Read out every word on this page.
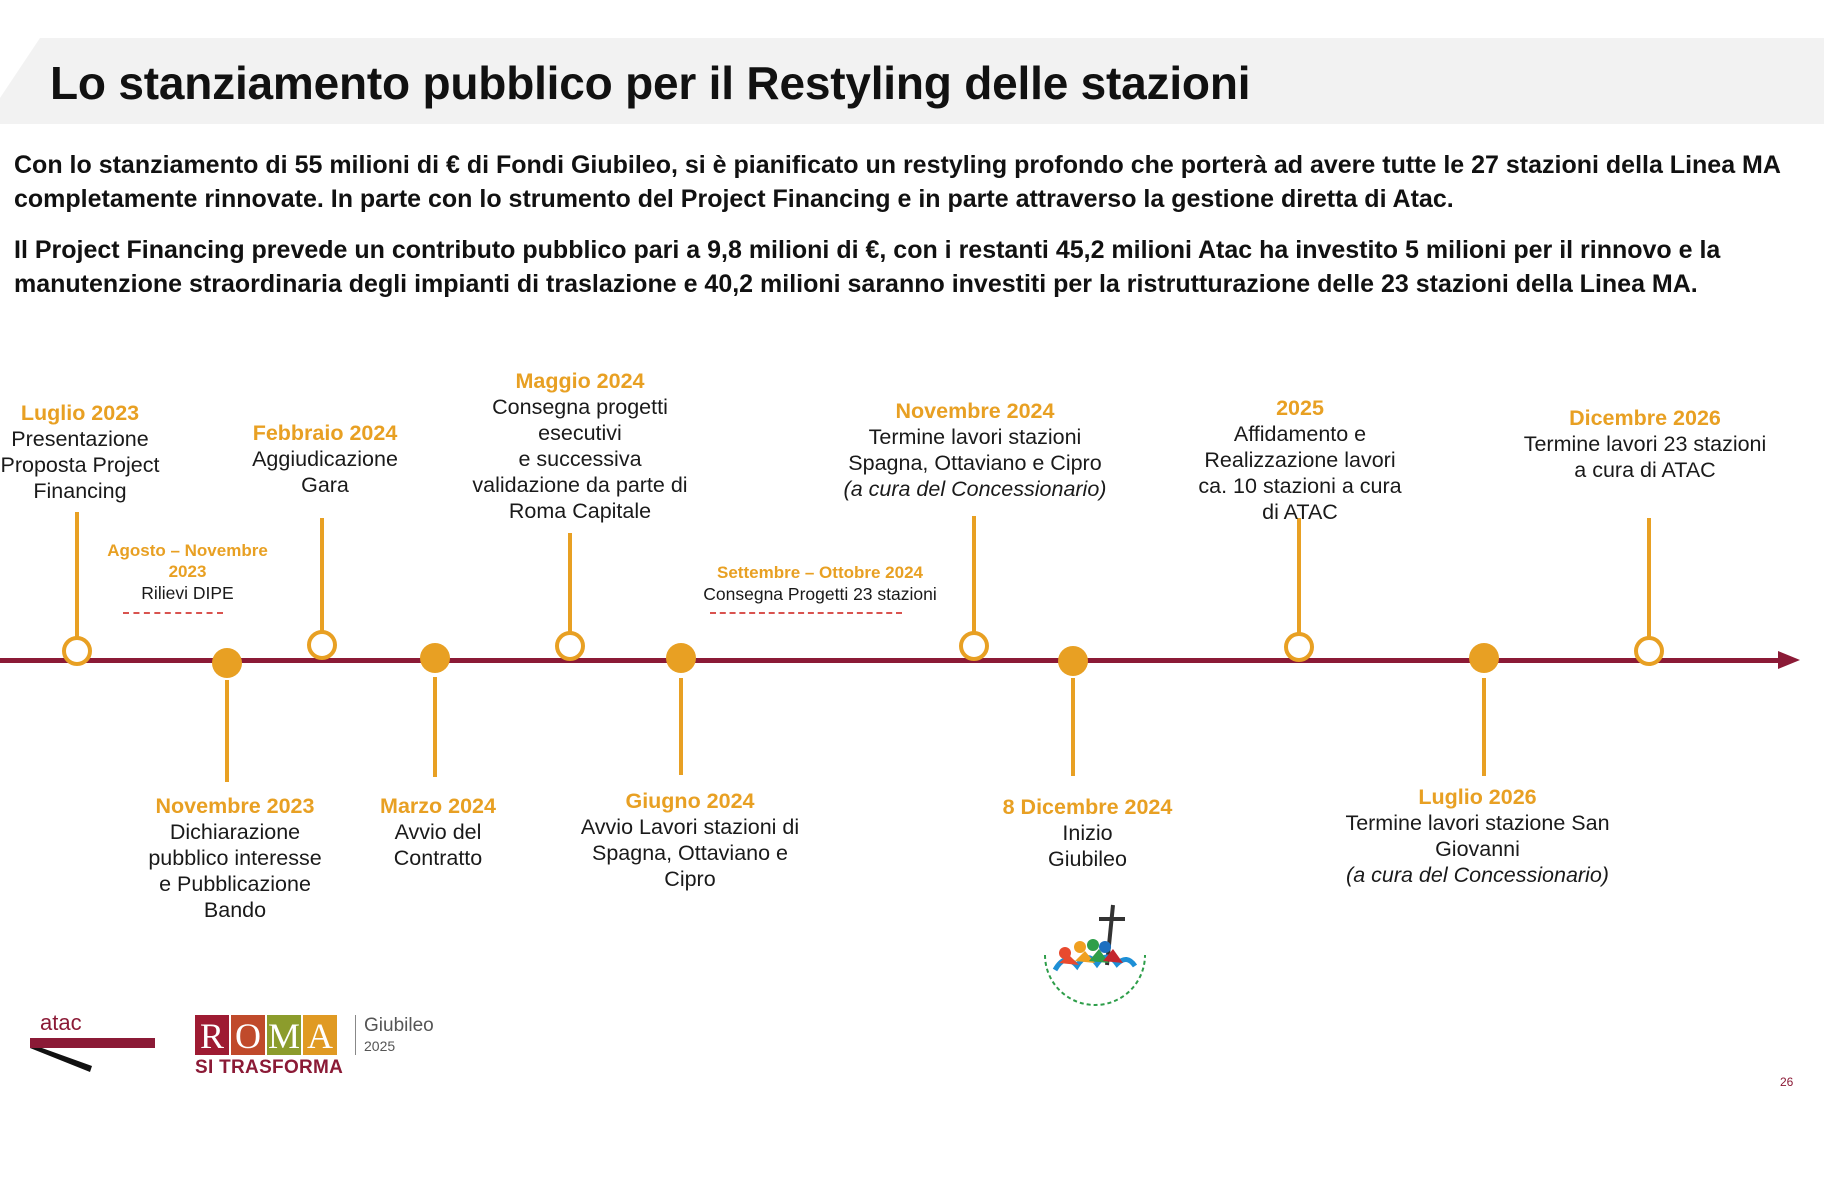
Lo stanziamento pubblico per il Restyling delle stazioni

Con lo stanziamento di 55 milioni di € di Fondi Giubileo, si è pianificato un restyling profondo che porterà ad avere tutte le 27 stazioni della Linea MA completamente rinnovate. In parte con lo strumento del Project Financing e in parte attraverso la gestione diretta di Atac.

Il Project Financing prevede un contributo pubblico pari a 9,8 milioni di €, con i restanti 45,2 milioni Atac ha investito 5 milioni per il rinnovo e la manutenzione straordinaria degli impianti di traslazione e 40,2 milioni saranno investiti per la ristrutturazione delle 23 stazioni della Linea MA.

Luglio 2023
Presentazione
Proposta Project
Financing
Febbraio 2024
Aggiudicazione
Gara
Maggio 2024
Consegna progetti
esecutivi
e successiva
validazione da parte di
Roma Capitale
Novembre 2024
Termine lavori stazioni
Spagna, Ottaviano e Cipro
(a cura del Concessionario)
2025
Affidamento e
Realizzazione lavori
ca. 10 stazioni a cura
di ATAC
Dicembre 2026
Termine lavori 23 stazioni
a cura di ATAC
Novembre 2023
Dichiarazione
pubblico interesse
e Pubblicazione
Bando
Marzo 2024
Avvio del
Contratto
Giugno 2024
Avvio Lavori stazioni di
Spagna, Ottaviano e
Cipro
8 Dicembre 2024
Inizio
Giubileo
Luglio 2026
Termine lavori stazione San
Giovanni
(a cura del Concessionario)
Agosto – Novembre
2023
Rilievi DIPE
Settembre – Ottobre 2024
Consegna Progetti 23 stazioni
atac	R O M A
SI TRASFORMA
Giubileo
2025
26
